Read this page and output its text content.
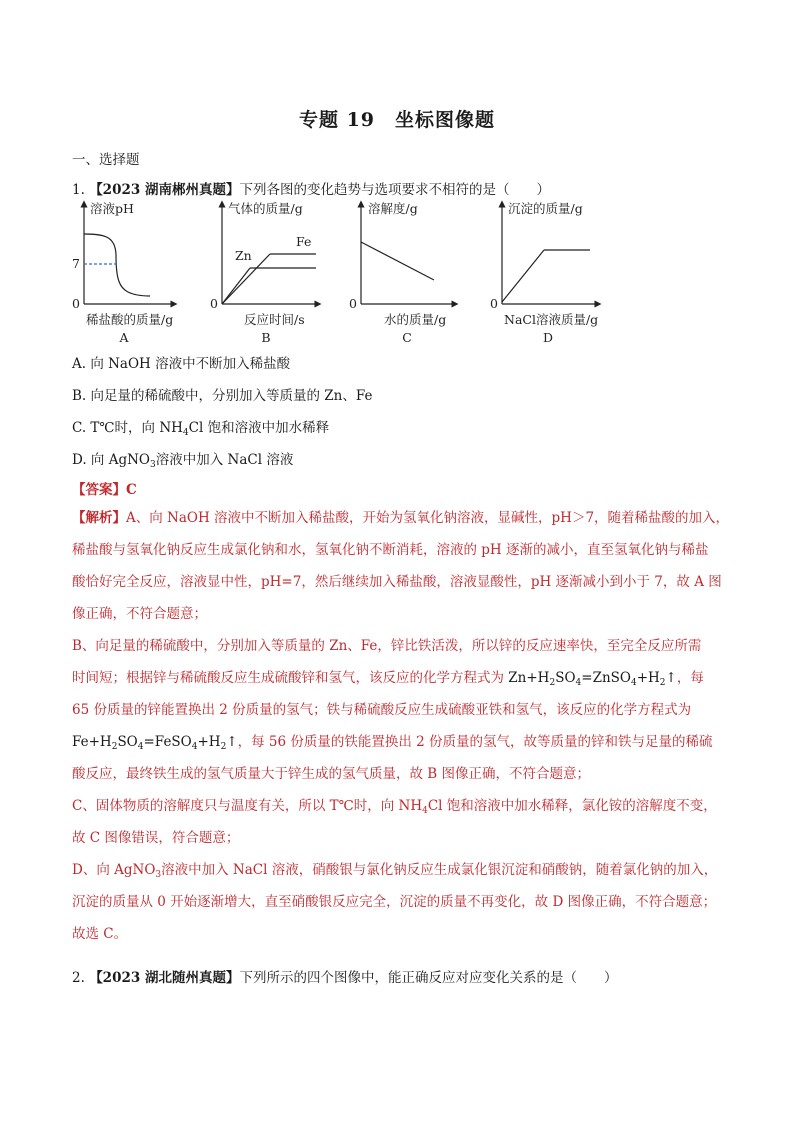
专题 19　坐标图像题
一、选择题
1. 【2023 湖南郴州真题】下列各图的变化趋势与选项要求不相符的是（　　）
溶液pH
7
0
稀盐酸的质量/g
A
气体的质量/g
0
Zn
Fe
反应时间/s
B
溶解度/g
0
水的质量/g
C
沉淀的质量/g
0
NaCl溶液质量/g
D
A. 向 NaOH 溶液中不断加入稀盐酸
B. 向足量的稀硫酸中，分别加入等质量的 Zn、Fe
C. T℃时，向 $NH_4Cl$ 饱和溶液中加水稀释
D. 向 AgNO$_3$溶液中加入 NaCl 溶液
【答案】C
【解析】A、向 NaOH 溶液中不断加入稀盐酸，开始为氢氧化钠溶液，显碱性，pH＞7，随着稀盐酸的加入，
稀盐酸与氢氧化钠反应生成氯化钠和水，氢氧化钠不断消耗，溶液的 pH 逐渐的减小，直至氢氧化钠与稀盐
酸恰好完全反应，溶液显中性，pH=7，然后继续加入稀盐酸，溶液显酸性，pH 逐渐减小到小于 7，故 A 图
像正确，不符合题意；
B、向足量的稀硫酸中，分别加入等质量的 Zn、Fe，锌比铁活泼，所以锌的反应速率快，至完全反应所需
时间短；根据锌与稀硫酸反应生成硫酸锌和氢气，该反应的化学方程式为 $Zn+H_2SO_4=ZnSO_4+H_2↑$，每
65 份质量的锌能置换出 2 份质量的氢气；铁与稀硫酸反应生成硫酸亚铁和氢气，该反应的化学方程式为
$Fe+H_2SO_4=FeSO_4+H_2↑$，每 56 份质量的铁能置换出 2 份质量的氢气，故等质量的锌和铁与足量的稀硫
酸反应，最终铁生成的氢气质量大于锌生成的氢气质量，故 B 图像正确，不符合题意；
C、固体物质的溶解度只与温度有关，所以 T℃时，向 $NH_4Cl$ 饱和溶液中加水稀释，氯化铵的溶解度不变，
故 C 图像错误，符合题意；
D、向 AgNO$_3$溶液中加入 NaCl 溶液，硝酸银与氯化钠反应生成氯化银沉淀和硝酸钠，随着氯化钠的加入，
沉淀的质量从 0 开始逐渐增大，直至硝酸银反应完全，沉淀的质量不再变化，故 D 图像正确，不符合题意；
故选 C。
2. 【2023 湖北随州真题】下列所示的四个图像中，能正确反应对应变化关系的是（　　）
